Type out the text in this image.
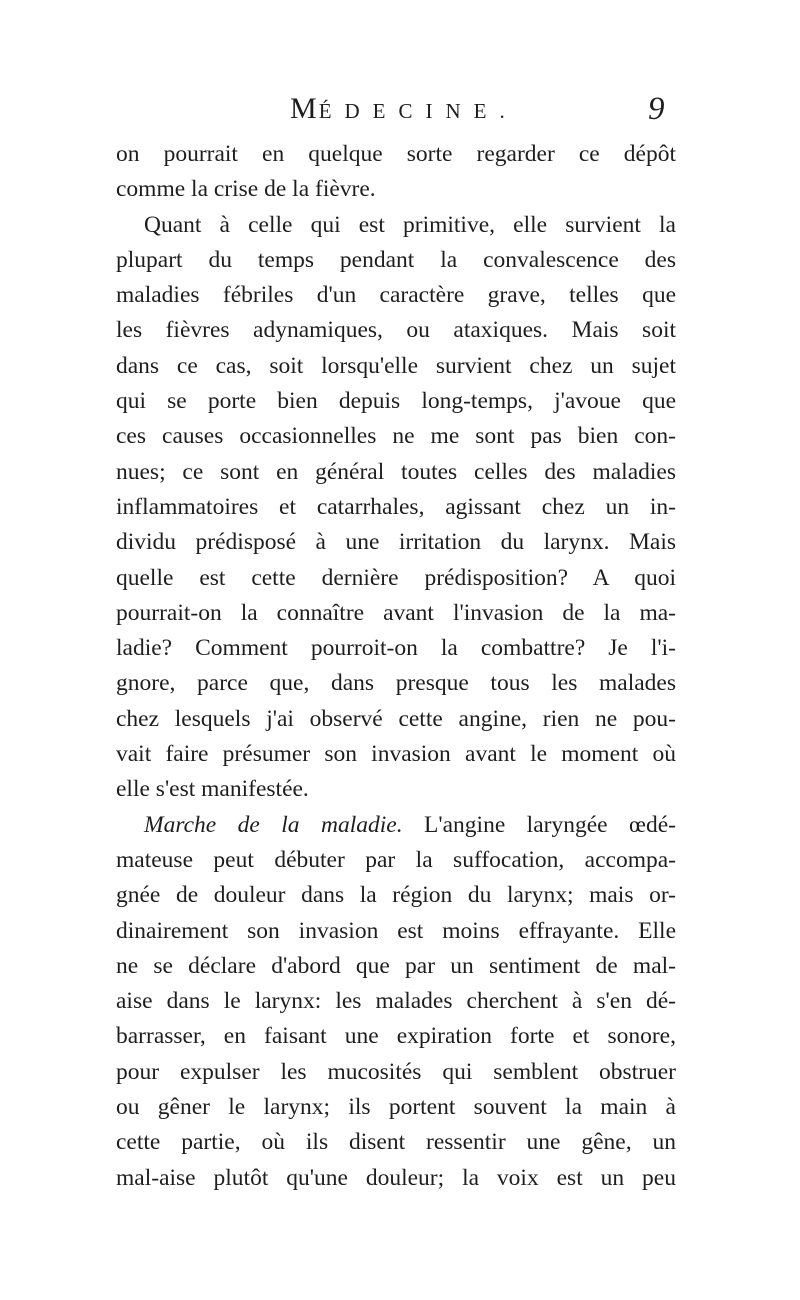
MÉDECINE.	9
on pourrait en quelque sorte regarder ce dépôt
comme la crise de la fièvre.
Quant à celle qui est primitive, elle survient la
plupart du temps pendant la convalescence des
maladies fébriles d'un caractère grave, telles que
les fièvres adynamiques, ou ataxiques. Mais soit
dans ce cas, soit lorsqu'elle survient chez un sujet
qui se porte bien depuis long-temps, j'avoue que
ces causes occasionnelles ne me sont pas bien con-
nues; ce sont en général toutes celles des maladies
inflammatoires et catarrhales, agissant chez un in-
dividu prédisposé à une irritation du larynx. Mais
quelle est cette dernière prédisposition? A quoi
pourrait-on la connaître avant l'invasion de la ma-
ladie? Comment pourroit-on la combattre? Je l'i-
gnore, parce que, dans presque tous les malades
chez lesquels j'ai observé cette angine, rien ne pou-
vait faire présumer son invasion avant le moment où
elle s'est manifestée.
Marche de la maladie. L'angine laryngée œdé-
mateuse peut débuter par la suffocation, accompa-
gnée de douleur dans la région du larynx; mais or-
dinairement son invasion est moins effrayante. Elle
ne se déclare d'abord que par un sentiment de mal-
aise dans le larynx: les malades cherchent à s'en dé-
barrasser, en faisant une expiration forte et sonore,
pour expulser les mucosités qui semblent obstruer
ou gêner le larynx; ils portent souvent la main à
cette partie, où ils disent ressentir une gêne, un
mal-aise plutôt qu'une douleur; la voix est un peu
